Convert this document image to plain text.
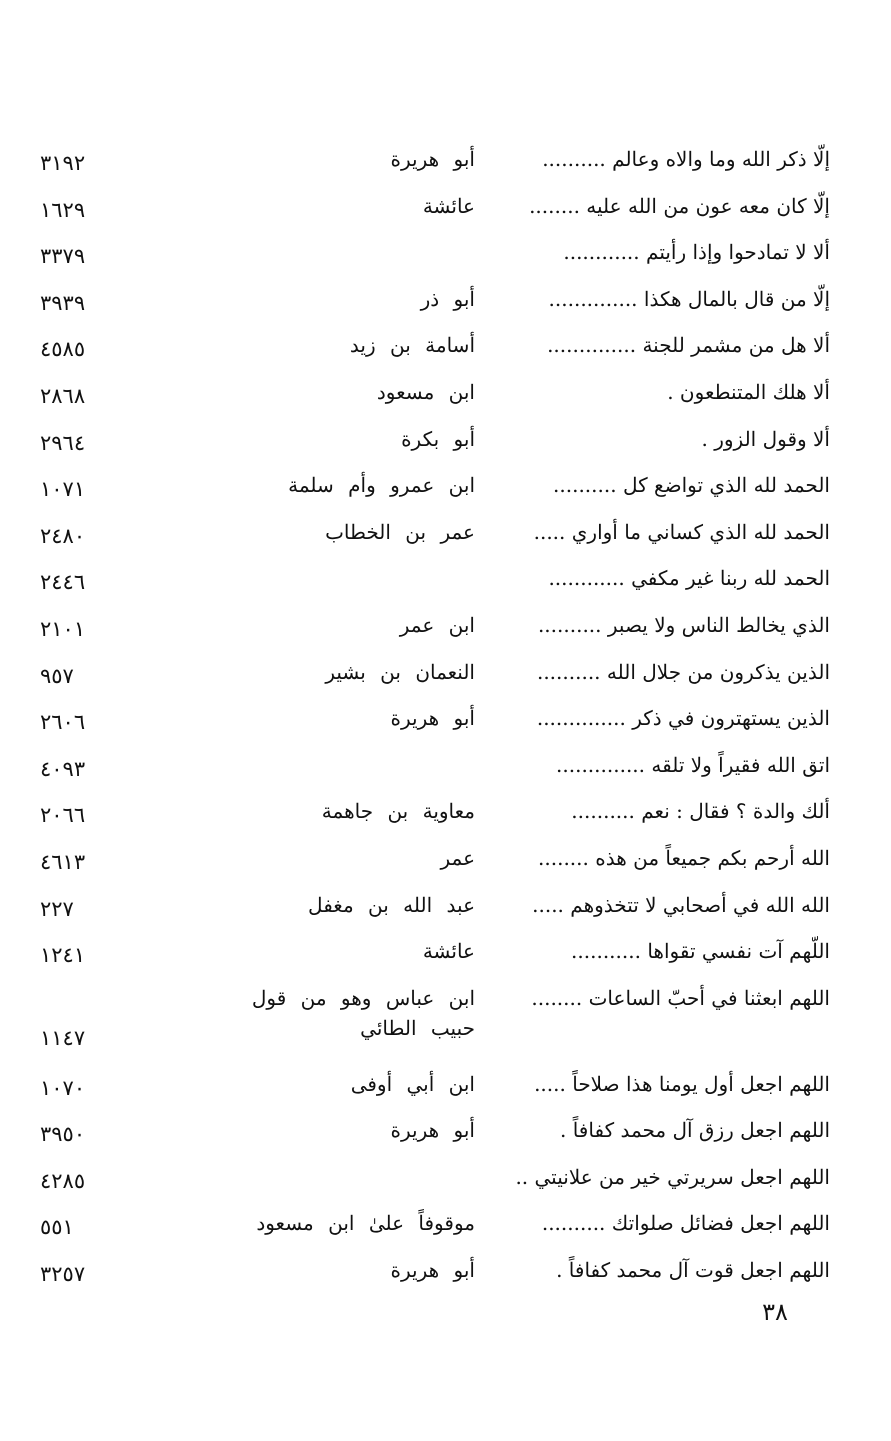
إلّا ذكر الله وما والاه وعالم ..........
أبو هريرة
٣١٩٢
إلّا كان معه عون من الله عليه ........
عائشة
١٦٢٩
ألا لا تمادحوا وإذا رأيتم ............
٣٣٧٩
إلّا من قال بالمال هكذا ..............
أبو ذر
٣٩٣٩
ألا هل من مشمر للجنة ..............
أسامة بن زيد
٤٥٨٥
ألا هلك المتنطعون .
ابن مسعود
٢٨٦٨
ألا وقول الزور .
أبو بكرة
٢٩٦٤
الحمد لله الذي تواضع كل ..........
ابن عمرو وأم سلمة
١٠٧١
الحمد لله الذي كساني ما أواري .....
عمر بن الخطاب
٢٤٨٠
الحمد لله ربنا غير مكفي ............
٢٤٤٦
الذي يخالط الناس ولا يصبر ..........
ابن عمر
٢١٠١
الذين يذكرون من جلال الله ..........
النعمان بن بشير
٩٥٧
الذين يستهترون في ذكر ..............
أبو هريرة
٢٦٠٦
اتق الله فقيراً ولا تلقه ..............
٤٠٩٣
ألك والدة ؟ فقال : نعم ..........
معاوية بن جاهمة
٢٠٦٦
الله أرحم بكم جميعاً من هذه ........
عمر
٤٦١٣
الله الله في أصحابي لا تتخذوهم .....
عبد الله بن مغفل
٢٢٧
اللّهم آت نفسي تقواها ...........
عائشة
١٢٤١
اللهم ابعثنا في أحبّ الساعات ........
ابن عباس وهو من قول حبيب الطائي
١١٤٧
اللهم اجعل أول يومنا هذا صلاحاً .....
ابن أبي أوفى
١٠٧٠
اللهم اجعل رزق آل محمد كفافاً .
أبو هريرة
٣٩٥٠
اللهم اجعل سريرتي خير من علانيتي ..
٤٢٨٥
اللهم اجعل فضائل صلواتك ..........
موقوفاً علىٰ ابن مسعود
٥٥١
اللهم اجعل قوت آل محمد كفافاً .
أبو هريرة
٣٢٥٧
٣٨
